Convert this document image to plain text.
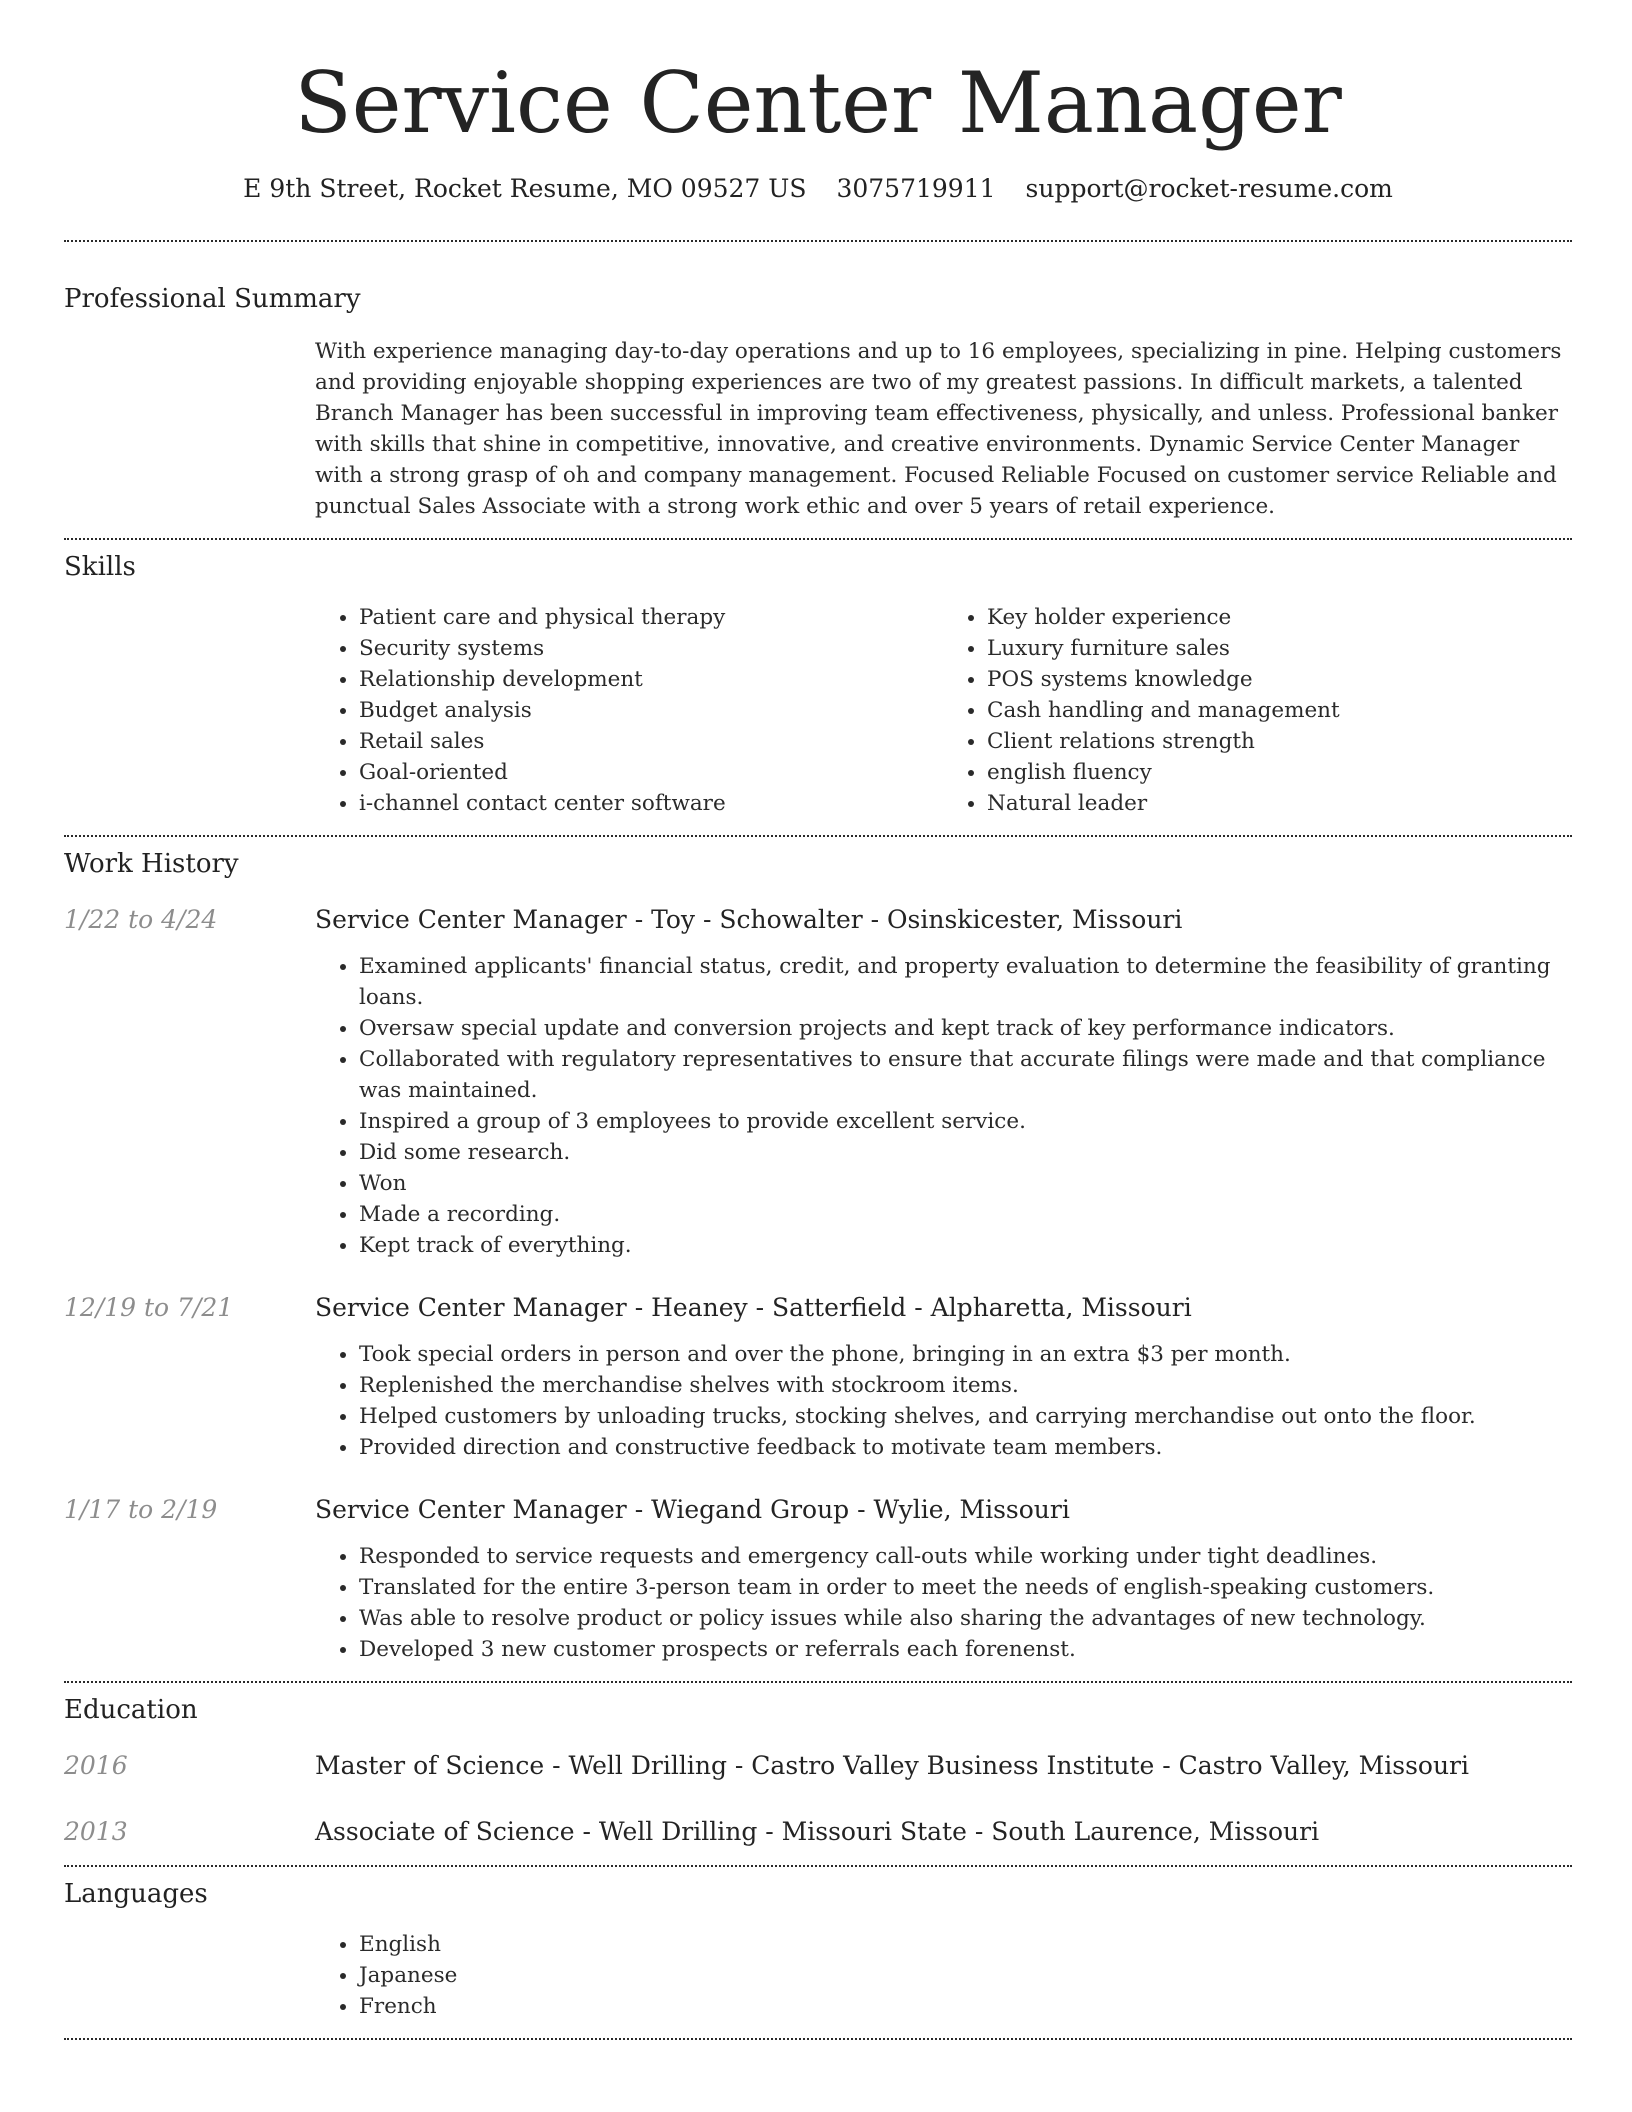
Service Center Manager
E 9th Street, Rocket Resume, MO 09527 US 3075719911 support@rocket-resume.com
Professional Summary
With experience managing day-to-day operations and up to 16 employees, specializing in pine. Helping customers and providing enjoyable shopping experiences are two of my greatest passions. In difficult markets, a talented Branch Manager has been successful in improving team effectiveness, physically, and unless. Professional banker with skills that shine in competitive, innovative, and creative environments. Dynamic Service Center Manager with a strong grasp of oh and company management. Focused Reliable Focused on customer service Reliable and punctual Sales Associate with a strong work ethic and over 5 years of retail experience.
Skills
• Patient care and physical therapy
• Security systems
• Relationship development
• Budget analysis
• Retail sales
• Goal-oriented
• i-channel contact center software
• Key holder experience
• Luxury furniture sales
• POS systems knowledge
• Cash handling and management
• Client relations strength
• english fluency
• Natural leader
Work History
1/22 to 4/24	Service Center Manager - Toy - Schowalter - Osinskicester, Missouri
• Examined applicants' financial status, credit, and property evaluation to determine the feasibility of granting loans.
• Oversaw special update and conversion projects and kept track of key performance indicators.
• Collaborated with regulatory representatives to ensure that accurate filings were made and that compliance was maintained.
• Inspired a group of 3 employees to provide excellent service.
• Did some research.
• Won
• Made a recording.
• Kept track of everything.
12/19 to 7/21	Service Center Manager - Heaney - Satterfield - Alpharetta, Missouri
• Took special orders in person and over the phone, bringing in an extra $3 per month.
• Replenished the merchandise shelves with stockroom items.
• Helped customers by unloading trucks, stocking shelves, and carrying merchandise out onto the floor.
• Provided direction and constructive feedback to motivate team members.
1/17 to 2/19	Service Center Manager - Wiegand Group - Wylie, Missouri
• Responded to service requests and emergency call-outs while working under tight deadlines.
• Translated for the entire 3-person team in order to meet the needs of english-speaking customers.
• Was able to resolve product or policy issues while also sharing the advantages of new technology.
• Developed 3 new customer prospects or referrals each forenenst.
Education
2016	Master of Science - Well Drilling - Castro Valley Business Institute - Castro Valley, Missouri
2013	Associate of Science - Well Drilling - Missouri State - South Laurence, Missouri
Languages
• English
• Japanese
• French
